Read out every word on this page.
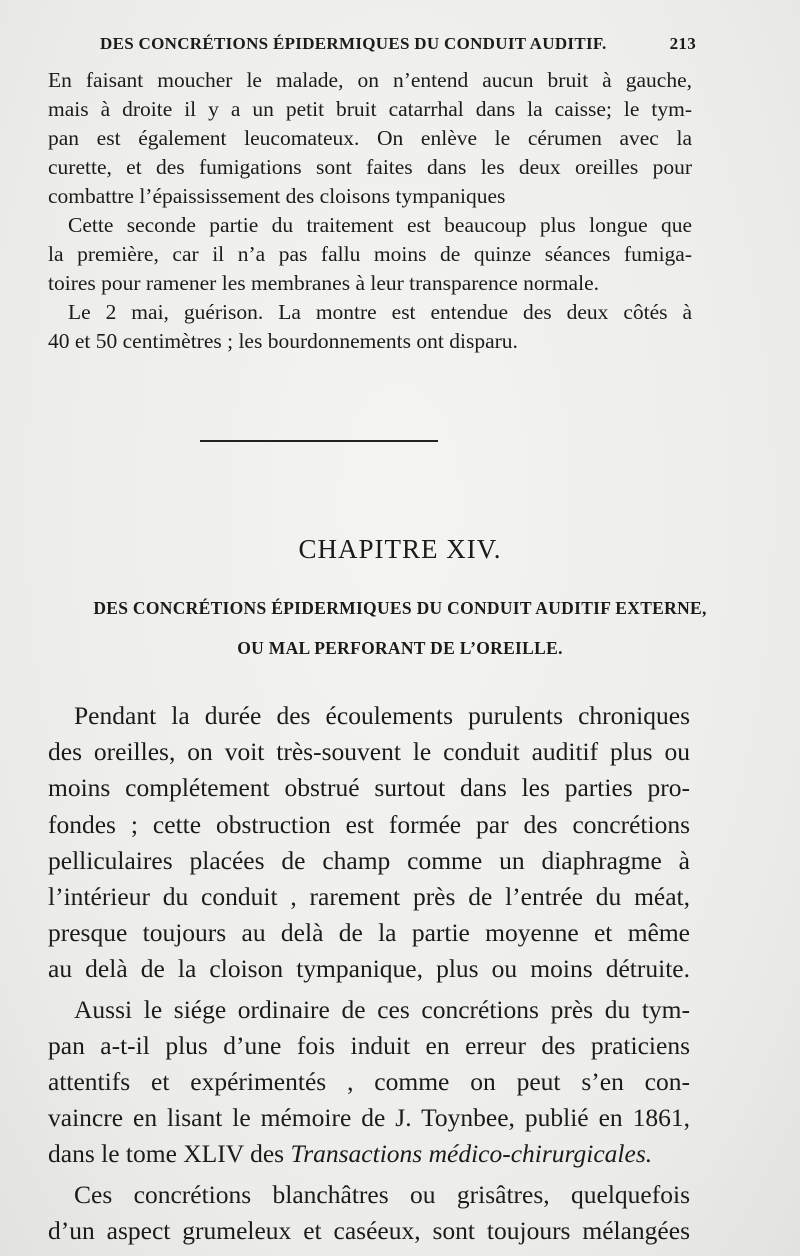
DES CONCRÉTIONS ÉPIDERMIQUES DU CONDUIT AUDITIF.	213

En faisant moucher le malade, on n’entend aucun bruit à gauche,
mais à droite il y a un petit bruit catarrhal dans la caisse; le tym-
pan est également leucomateux. On enlève le cérumen avec la
curette, et des fumigations sont faites dans les deux oreilles pour
combattre l’épaississement des cloisons tympaniques

Cette seconde partie du traitement est beaucoup plus longue que
la première, car il n’a pas fallu moins de quinze séances fumiga-
toires pour ramener les membranes à leur transparence normale.

Le 2 mai, guérison. La montre est entendue des deux côtés à
40 et 50 centimètres ; les bourdonnements ont disparu.

CHAPITRE XIV.
DES CONCRÉTIONS ÉPIDERMIQUES DU CONDUIT AUDITIF EXTERNE,
OU MAL PERFORANT DE L’OREILLE.

Pendant la durée des écoulements purulents chroniques
des oreilles, on voit très-souvent le conduit auditif plus ou
moins complétement obstrué surtout dans les parties pro-
fondes ; cette obstruction est formée par des concrétions
pelliculaires placées de champ comme un diaphragme à
l’intérieur du conduit , rarement près de l’entrée du méat,
presque toujours au delà de la partie moyenne et même
au delà de la cloison tympanique, plus ou moins détruite.

Aussi le siége ordinaire de ces concrétions près du tym-
pan a-t-il plus d’une fois induit en erreur des praticiens
attentifs et expérimentés , comme on peut s’en con-
vaincre en lisant le mémoire de J. Toynbee, publié en 1861,
dans le tome XLIV des Transactions médico-chirurgicales.

Ces concrétions blanchâtres ou grisâtres, quelquefois
d’un aspect grumeleux et caséeux, sont toujours mélangées
